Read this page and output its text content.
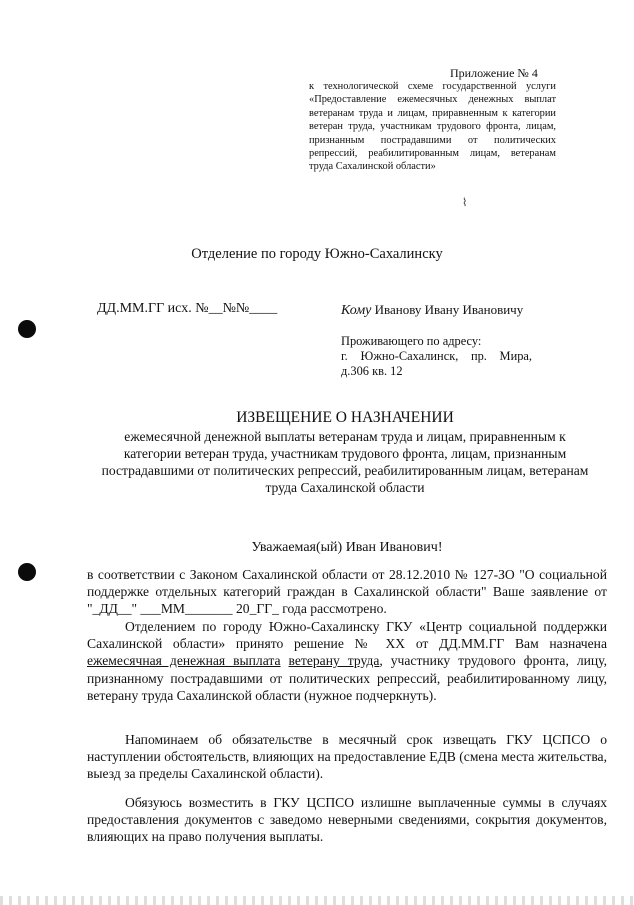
Приложение № 4
к технологической схеме государственной услуги «Предоставление ежемесячных денежных выплат ветеранам труда и лицам, приравненным к категории ветеран труда, участникам трудового фронта, лицам, признанным пострадавшими от политических репрессий, реабилитированным лицам, ветеранам труда Сахалинской области»
⌇
Отделение по городу Южно-Сахалинску
ДД.ММ.ГГ исх. №__№№____	Кому Иванову Ивану Ивановичу
Проживающего по адресу:
г. Южно-Сахалинск, пр. Мира,
д.306 кв. 12
ИЗВЕЩЕНИЕ О НАЗНАЧЕНИИ
ежемесячной денежной выплаты ветеранам труда и лицам, приравненным к категории ветеран труда, участникам трудового фронта, лицам, признанным пострадавшими от политических репрессий, реабилитированным лицам, ветеранам труда Сахалинской области
Уважаемая(ый) Иван Иванович!
в соответствии с Законом Сахалинской области от 28.12.2010 № 127-ЗО "О социальной поддержке отдельных категорий граждан в Сахалинской области" Ваше заявление от "_ДД__" ___ММ_______ 20_ГГ_ года рассмотрено.
Отделением по городу Южно-Сахалинску ГКУ «Центр социальной поддержки Сахалинской области» принято решение № ХХ от ДД.ММ.ГГ Вам назначена ежемесячная денежная выплата ветерану труда, участнику трудового фронта, лицу, признанному пострадавшими от политических репрессий, реабилитированному лицу, ветерану труда Сахалинской области (нужное подчеркнуть).
Напоминаем об обязательстве в месячный срок извещать ГКУ ЦСПСО о наступлении обстоятельств, влияющих на предоставление ЕДВ (смена места жительства, выезд за пределы Сахалинской области).
Обязуюсь возместить в ГКУ ЦСПСО излишне выплаченные суммы в случаях предоставления документов с заведомо неверными сведениями, сокрытия документов, влияющих на право получения выплаты.
